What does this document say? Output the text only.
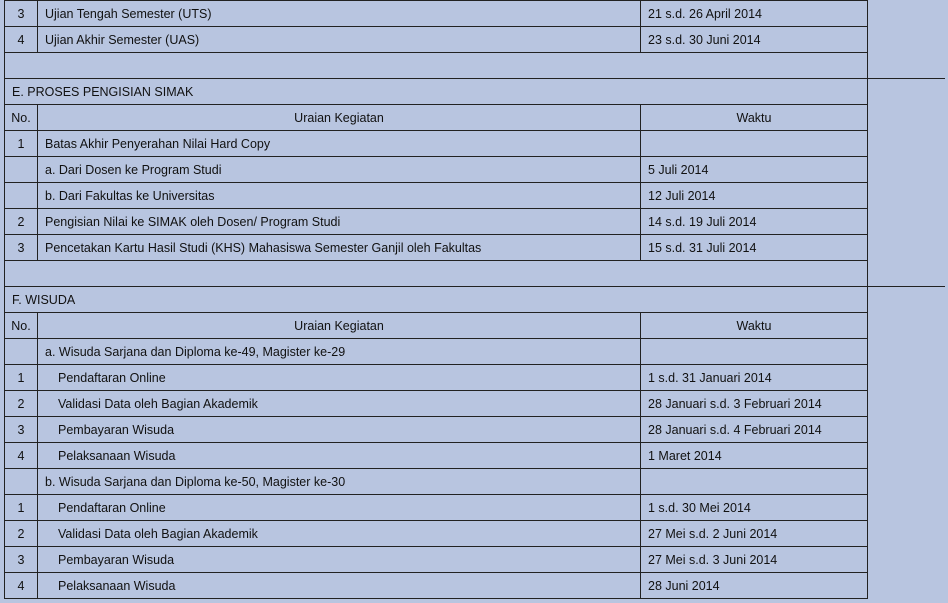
3	Ujian Tengah Semester (UTS)	21 s.d. 26 April 2014	
4	Ujian Akhir Semester (UAS)	23 s.d. 30 Juni 2014	

E. PROSES PENGISIAN SIMAK			
No.	Uraian Kegiatan	Waktu	
1	Batas Akhir Penyerahan Nilai Hard Copy		
	a. Dari Dosen ke Program Studi	5 Juli 2014	
	b. Dari Fakultas ke Universitas	12 Juli 2014	
2	Pengisian Nilai ke SIMAK oleh Dosen/ Program Studi	14 s.d. 19 Juli 2014	
3	Pencetakan Kartu Hasil Studi (KHS) Mahasiswa Semester Ganjil oleh Fakultas	15 s.d. 31 Juli 2014	

F. WISUDA			
No.	Uraian Kegiatan	Waktu	
	a. Wisuda Sarjana dan Diploma ke-49, Magister ke-29		
1	Pendaftaran Online	1 s.d. 31 Januari 2014	
2	Validasi Data oleh Bagian Akademik	28 Januari s.d. 3 Februari 2014	
3	Pembayaran Wisuda	28 Januari s.d. 4 Februari 2014	
4	Pelaksanaan Wisuda	1 Maret 2014	
	b. Wisuda Sarjana dan Diploma ke-50, Magister ke-30		
1	Pendaftaran Online	1 s.d. 30 Mei 2014	
2	Validasi Data oleh Bagian Akademik	27 Mei s.d. 2 Juni 2014	
3	Pembayaran Wisuda	27 Mei s.d. 3 Juni 2014	
4	Pelaksanaan Wisuda	28 Juni 2014	
